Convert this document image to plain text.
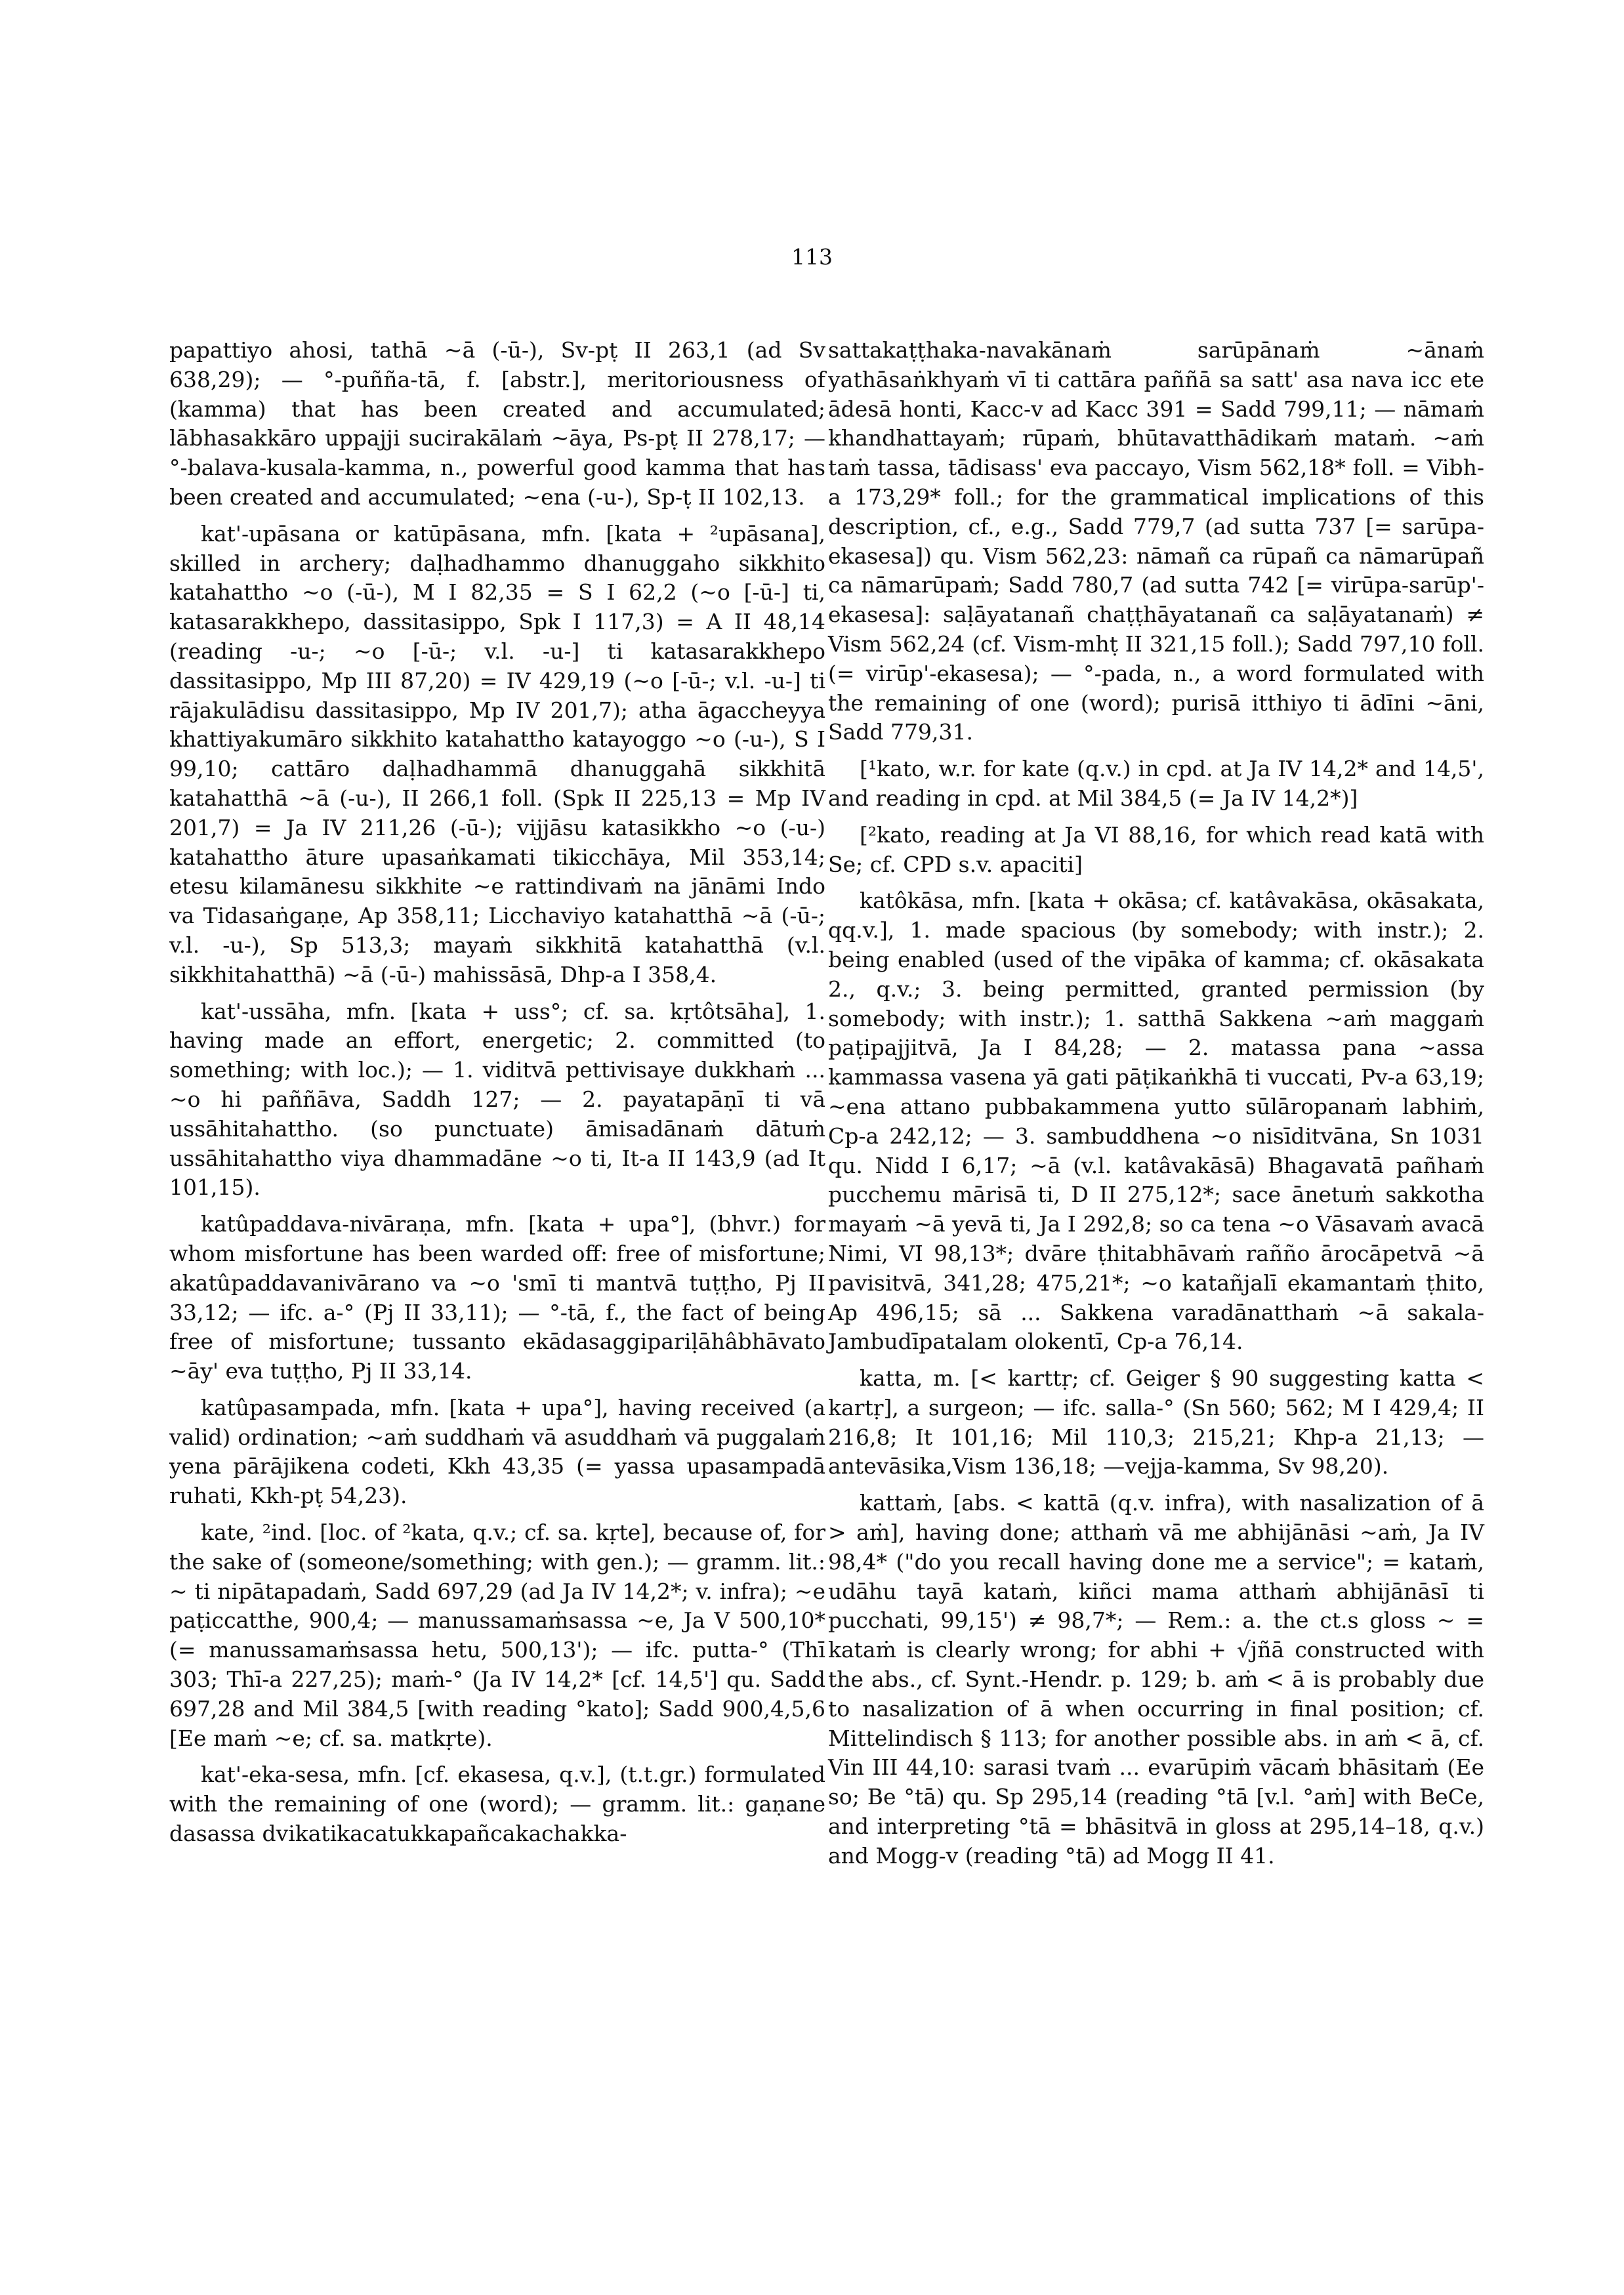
113

papattiyo ahosi, tathā ~ā (-ū-), Sv-pṭ II 263,1 (ad Sv 638,29); — °-puñña-tā, f. [abstr.], meritoriousness of (kamma) that has been created and accumulated; lābhasakkāro uppajji sucirakālaṁ ~āya, Ps-pṭ II 278,17; — °-balava-kusala-kamma, n., powerful good kamma that has been created and accumulated; ~ena (-u-), Sp-ṭ II 102,13.

kat'-upāsana or katūpāsana, mfn. [kata + ²upāsana], skilled in archery; daḷhadhammo dhanuggaho sikkhito katahattho ~o (-ū-), M I 82,35 = S I 62,2 (~o [-ū-] ti, katasarakkhepo, dassitasippo, Spk I 117,3) = A II 48,14 (reading -u-; ~o [-ū-; v.l. -u-] ti katasarakkhepo dassitasippo, Mp III 87,20) = IV 429,19 (~o [-ū-; v.l. -u-] ti rājakulādisu dassitasippo, Mp IV 201,7); atha āgaccheyya khattiyakumāro sikkhito katahattho katayoggo ~o (-u-), S I 99,10; cattāro daḷhadhammā dhanuggahā sikkhitā katahatthā ~ā (-u-), II 266,1 foll. (Spk II 225,13 = Mp IV 201,7) = Ja IV 211,26 (-ū-); vijjāsu katasikkho ~o (-u-) katahattho āture upasaṅkamati tikicchāya, Mil 353,14; etesu kilamānesu sikkhite ~e rattindivaṁ na jānāmi Indo va Tidasaṅgaṇe, Ap 358,11; Licchaviyo katahatthā ~ā (-ū-; v.l. -u-), Sp 513,3; mayaṁ sikkhitā katahatthā (v.l. sikkhitahatthā) ~ā (-ū-) mahissāsā, Dhp-a I 358,4.

kat'-ussāha, mfn. [kata + uss°; cf. sa. kṛtôtsāha], 1. having made an effort, energetic; 2. committed (to something; with loc.); — 1. viditvā pettivisaye dukkhaṁ ... ~o hi paññāva, Saddh 127; — 2. payatapāṇī ti vā ussāhitahattho. (so punctuate) āmisadānaṁ dātuṁ ussāhitahattho viya dhammadāne ~o ti, It-a II 143,9 (ad It 101,15).

katûpaddava-nivāraṇa, mfn. [kata + upa°], (bhvr.) for whom misfortune has been warded off: free of misfortune; akatûpaddavanivārano va ~o 'smī ti mantvā tuṭṭho, Pj II 33,12; — ifc. a-° (Pj II 33,11); — °-tā, f., the fact of being free of misfortune; tussanto ekādasaggipariḷāhâbhāvato ~āy' eva tuṭṭho, Pj II 33,14.

katûpasampada, mfn. [kata + upa°], having received (a valid) ordination; ~aṁ suddhaṁ vā asuddhaṁ vā puggalaṁ yena pārājikena codeti, Kkh 43,35 (= yassa upasampadā ruhati, Kkh-pṭ 54,23).

kate, ²ind. [loc. of ²kata, q.v.; cf. sa. kṛte], because of, for the sake of (someone/something; with gen.); — gramm. lit.: ~ ti nipātapadaṁ, Sadd 697,29 (ad Ja IV 14,2*; v. infra); ~e paṭiccatthe, 900,4; — manussamaṁsassa ~e, Ja V 500,10* (= manussamaṁsassa hetu, 500,13'); — ifc. putta-° (Thī 303; Thī-a 227,25); maṁ-° (Ja IV 14,2* [cf. 14,5'] qu. Sadd 697,28 and Mil 384,5 [with reading °kato]; Sadd 900,4,5,6 [Ee maṁ ~e; cf. sa. matkṛte).

kat'-eka-sesa, mfn. [cf. ekasesa, q.v.], (t.t.gr.) formulated with the remaining of one (word); — gramm. lit.: gaṇane dasassa dvikatikacatukkapañcakachakka-

sattakaṭṭhaka-navakānaṁ sarūpānaṁ ~ānaṁ yathāsaṅkhyaṁ vī ti cattāra paññā sa satt' asa nava icc ete ādesā honti, Kacc-v ad Kacc 391 = Sadd 799,11; — nāmaṁ khandhattayaṁ; rūpaṁ, bhūtavatthādikaṁ mataṁ. ~aṁ taṁ tassa, tādisass' eva paccayo, Vism 562,18* foll. = Vibh-a 173,29* foll.; for the grammatical implications of this description, cf., e.g., Sadd 779,7 (ad sutta 737 [= sarūpa-ekasesa]) qu. Vism 562,23: nāmañ ca rūpañ ca nāmarūpañ ca nāmarūpaṁ; Sadd 780,7 (ad sutta 742 [= virūpa-sarūp'-ekasesa]: saḷāyatanañ chaṭṭhāyatanañ ca saḷāyatanaṁ) ≠ Vism 562,24 (cf. Vism-mhṭ II 321,15 foll.); Sadd 797,10 foll. (= virūp'-ekasesa); — °-pada, n., a word formulated with the remaining of one (word); purisā itthiyo ti ādīni ~āni, Sadd 779,31.

[¹kato, w.r. for kate (q.v.) in cpd. at Ja IV 14,2* and 14,5', and reading in cpd. at Mil 384,5 (= Ja IV 14,2*)]

[²kato, reading at Ja VI 88,16, for which read katā with Se; cf. CPD s.v. apaciti]

katôkāsa, mfn. [kata + okāsa; cf. katâvakāsa, okāsakata, qq.v.], 1. made spacious (by somebody; with instr.); 2. being enabled (used of the vipāka of kamma; cf. okāsakata 2., q.v.; 3. being permitted, granted permission (by somebody; with instr.); 1. satthā Sakkena ~aṁ maggaṁ paṭipajjitvā, Ja I 84,28; — 2. matassa pana ~assa kammassa vasena yā gati pāṭikaṅkhā ti vuccati, Pv-a 63,19; ~ena attano pubbakammena yutto sūlāropanaṁ labhiṁ, Cp-a 242,12; — 3. sambuddhena ~o nisīditvāna, Sn 1031 qu. Nidd I 6,17; ~ā (v.l. katâvakāsā) Bhagavatā pañhaṁ pucchemu mārisā ti, D II 275,12*; sace ānetuṁ sakkotha mayaṁ ~ā yevā ti, Ja I 292,8; so ca tena ~o Vāsavaṁ avacā Nimi, VI 98,13*; dvāre ṭhitabhāvaṁ rañño ārocāpetvā ~ā pavisitvā, 341,28; 475,21*; ~o katañjalī ekamantaṁ ṭhito, Ap 496,15; sā ... Sakkena varadānatthaṁ ~ā sakala-Jambudīpatalam olokentī, Cp-a 76,14.

katta, m. [< karttṛ; cf. Geiger § 90 suggesting katta < kartṛ], a surgeon; — ifc. salla-° (Sn 560; 562; M I 429,4; II 216,8; It 101,16; Mil 110,3; 215,21; Khp-a 21,13; —antevāsika,Vism 136,18; —vejja-kamma, Sv 98,20).

kattaṁ, [abs. < kattā (q.v. infra), with nasalization of ā > aṁ], having done; atthaṁ vā me abhijānāsi ~aṁ, Ja IV 98,4* ("do you recall having done me a service"; = kataṁ, udāhu tayā kataṁ, kiñci mama atthaṁ abhijānāsī ti pucchati, 99,15') ≠ 98,7*; — Rem.: a. the ct.s gloss ~ = kataṁ is clearly wrong; for abhi + √jñā constructed with the abs., cf. Synt.-Hendr. p. 129; b. aṁ < ā is probably due to nasalization of ā when occurring in final position; cf. Mittelindisch § 113; for another possible abs. in aṁ < ā, cf. Vin III 44,10: sarasi tvaṁ ... evarūpiṁ vācaṁ bhāsitaṁ (Ee so; Be °tā) qu. Sp 295,14 (reading °tā [v.l. °aṁ] with BeCe, and interpreting °tā = bhāsitvā in gloss at 295,14–18, q.v.) and Mogg-v (reading °tā) ad Mogg II 41.
